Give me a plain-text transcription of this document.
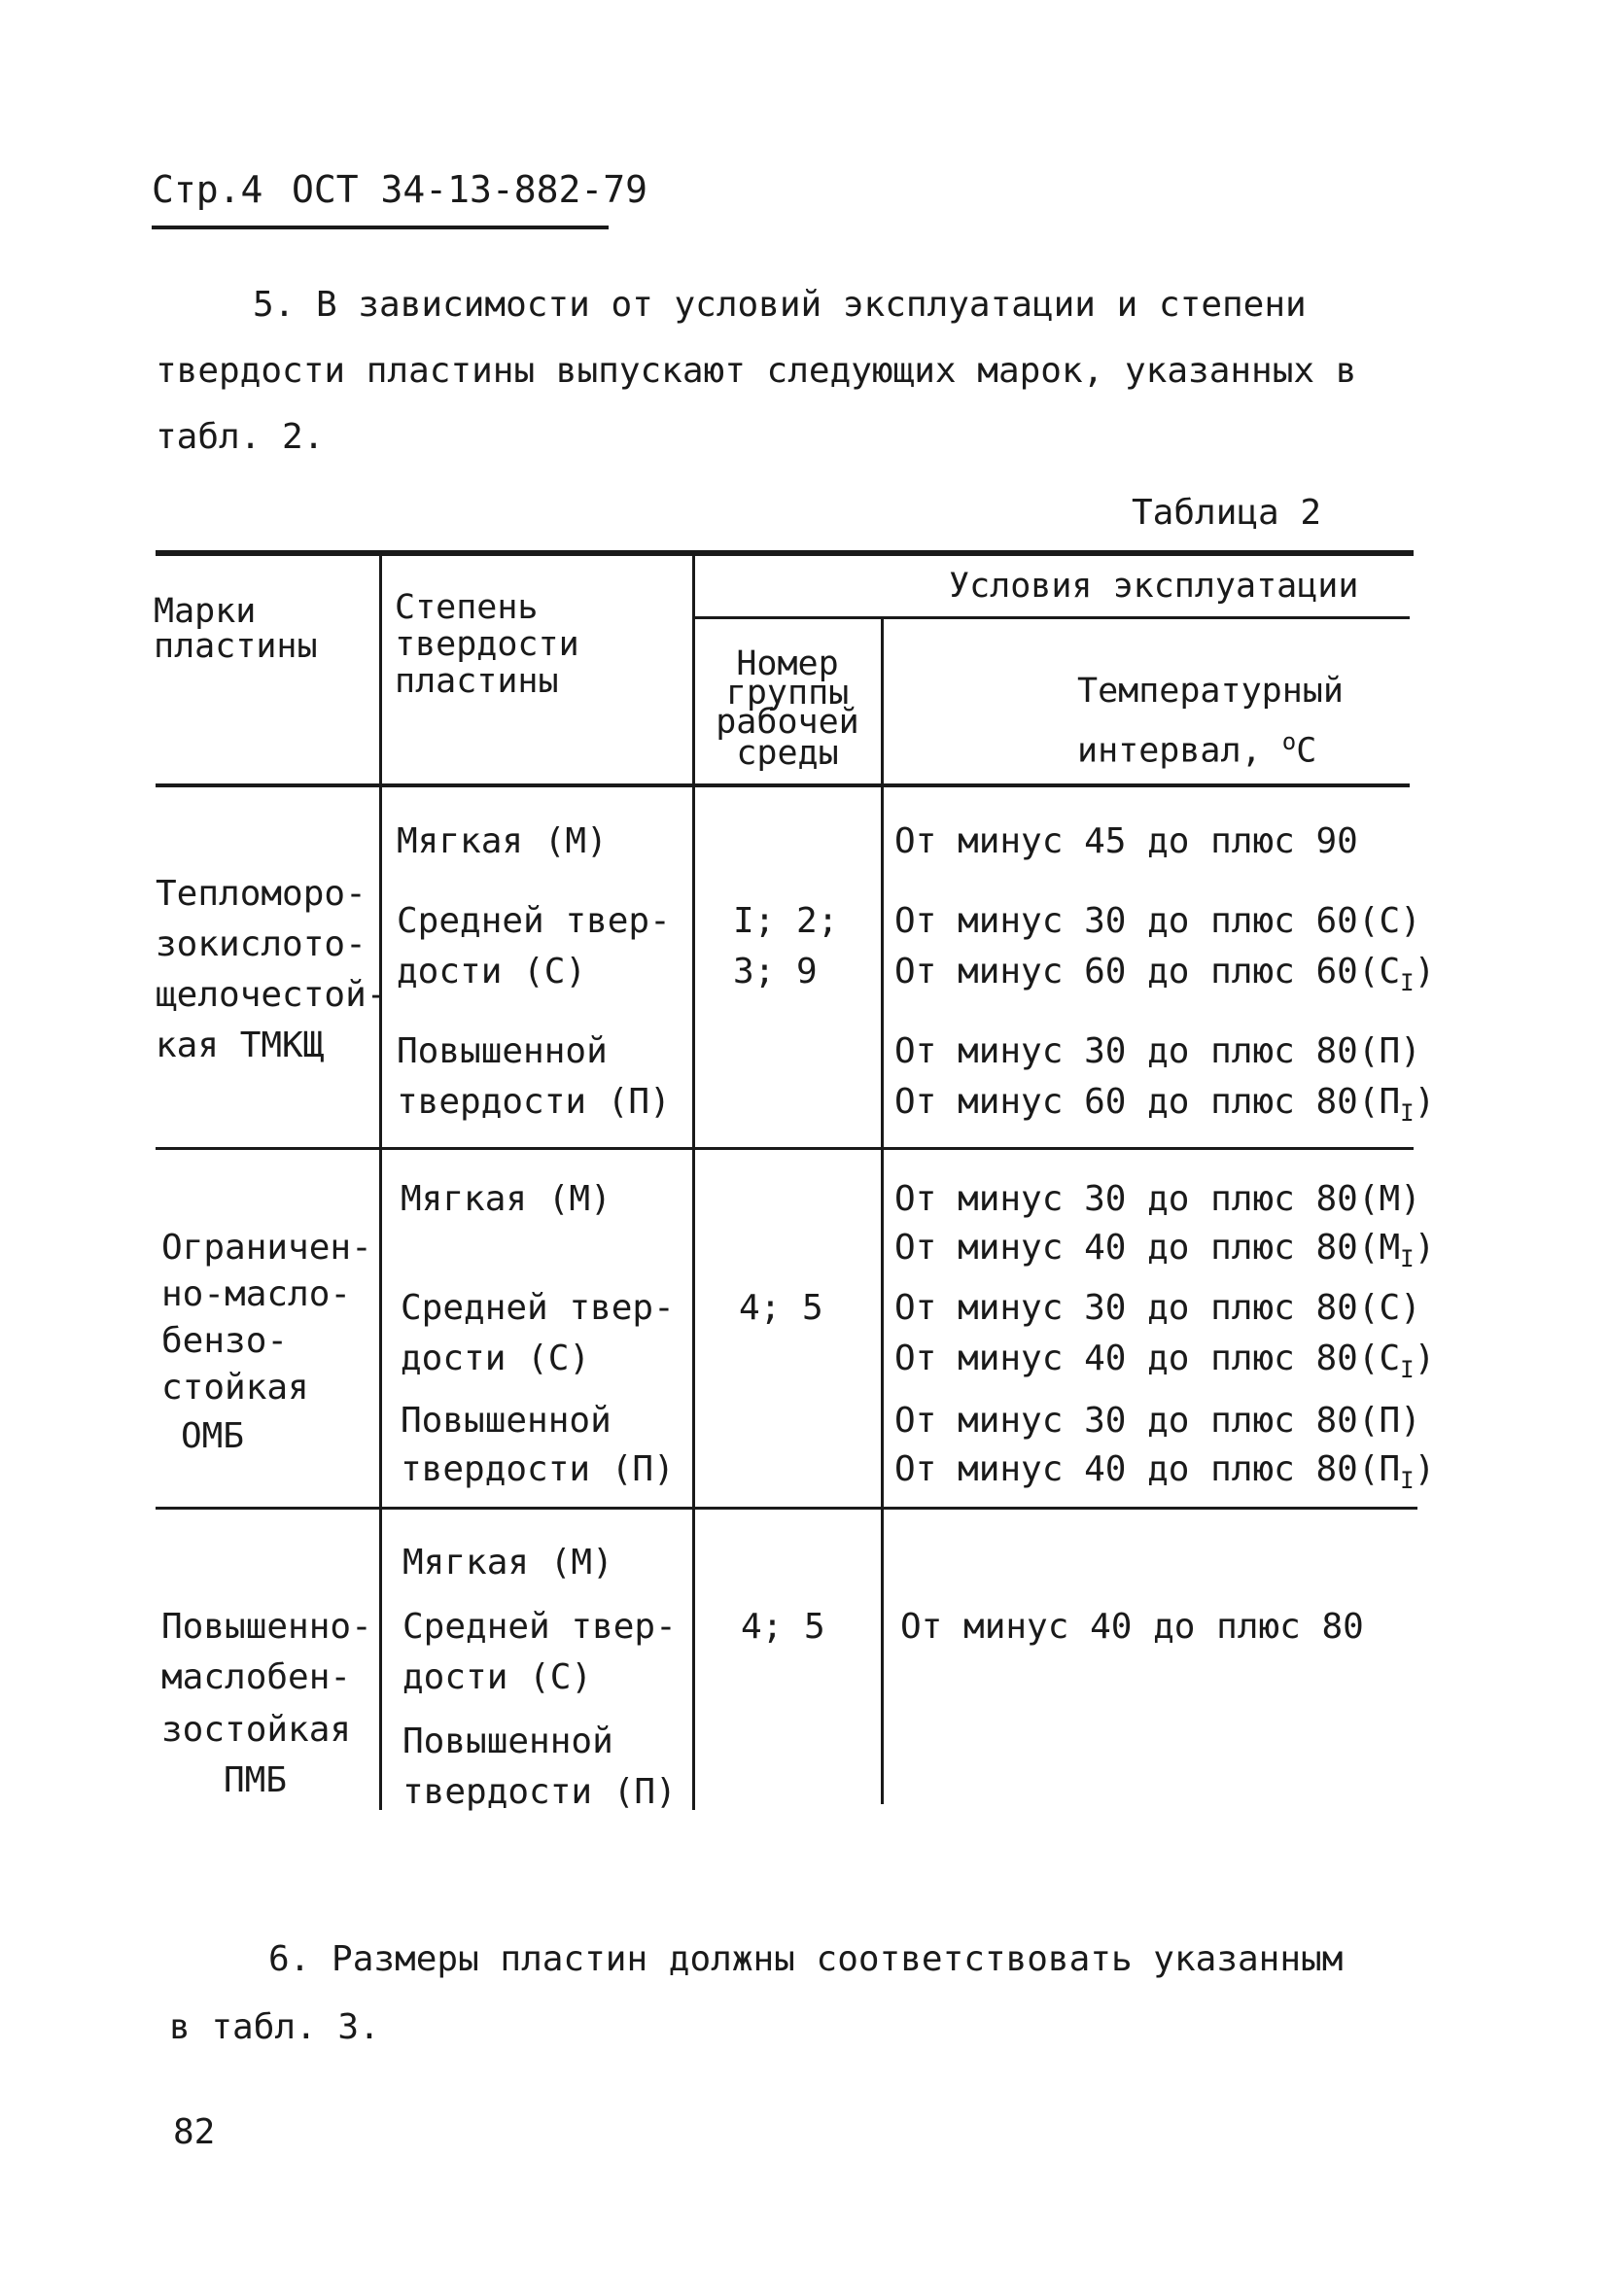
Стр.4 ОСТ 34-13-882-79
5. В зависимости от условий эксплуатации и степени
твердости пластины выпускают следующих марок, указанных в
табл. 2.
Таблица 2
Марки
пластины
Степень
твердости
пластины
Условия эксплуатации
Номер
группы
рабочей
среды
Температурный
интервал, $^о$С
Тепломоро-
зокислото-
щелочестой-
кая ТМКЩ
Мягкая (М)
Средней твер-
дости (С)
Повышенной
твердости (П)
I; 2;
3; 9
От минус 45 до плюс 90
От минус 30 до плюс 60(С)
От минус 60 до плюс $60(С_I)$
От минус 30 до плюс 80(П)
От минус 60 до плюс $80(П_I)$
Ограничен-
но-масло-
бензо-
стойкая
ОМБ
Мягкая (М)
Средней твер-
дости (С)
Повышенной
твердости (П)
4; 5
От минус 30 до плюс 80(М)
От минус 40 до плюс $80(М_I)$
От минус 30 до плюс 80(С)
От минус 40 до плюс $80(С_I)$
От минус 30 до плюс 80(П)
От минус 40 до плюс $80(П_I)$
Повышенно-
маслобен-
зостойкая
ПМБ
Мягкая (М)
Средней твер-
дости (С)
Повышенной
твердости (П)
4; 5 От минус 40 до плюс 80
6. Размеры пластин должны соответствовать указанным
в табл. 3.
82
